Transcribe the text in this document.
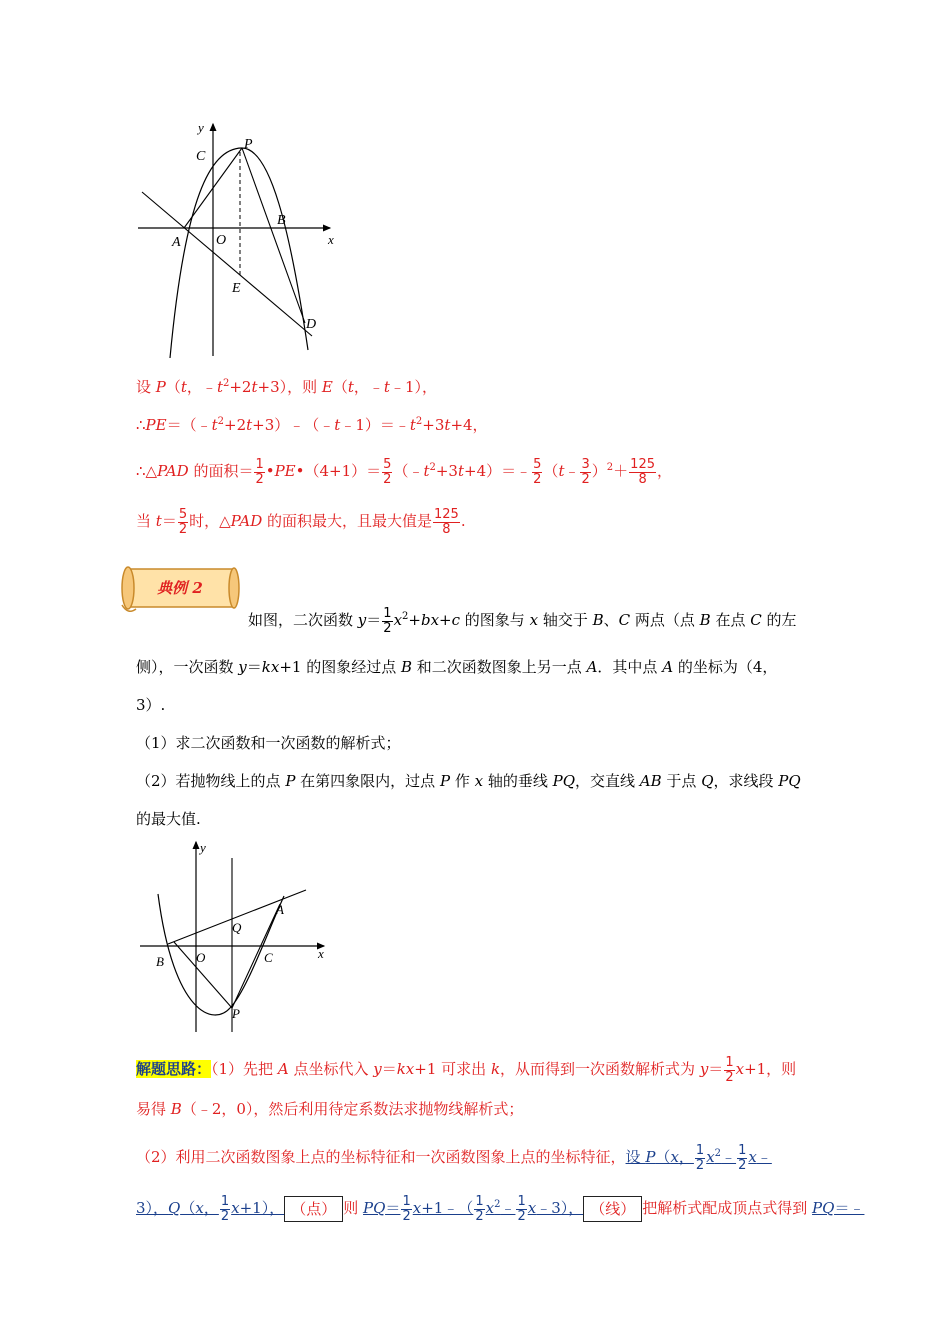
y
x
C
P
B
A	O
E
D
设 P（t，$﹣t^2+2t+3$），则 E（t，﹣t﹣1），
$\therefore PE=(﹣t^2+2t+3)﹣(﹣t﹣1)=﹣t^2+3t+4$，
∴△PAD 的面积＝ $\frac{1}{2}$ •PE•（4+1）＝ $\frac{5}{2}$ $(﹣t^2+3t+4)=﹣ \frac{5}{2}$ （t﹣ $\frac{3}{2} )^2+ \frac{125}{8}$ ，
当 $t= \frac{5}{2}$ 时，△PAD 的面积最大，且最大值是 $\frac{125}{8}$ .
典例 2
如图，二次函数 $y= \frac{1}{2} x^2+bx+c$ 的图象与 x 轴交于 B、C 两点（点 B 在点 C 的左
侧），一次函数 y＝kx+1 的图象经过点 B 和二次函数图象上另一点 A．其中点 A 的坐标为（4，
3）.
（1）求二次函数和一次函数的解析式；
（2）若抛物线上的点 P 在第四象限内，过点 P 作 x 轴的垂线 PQ，交直线 AB 于点 Q，求线段 PQ
的最大值.
y
x
A
Q
B O	C
P
解题思路：（1）先把 A 点坐标代入 y＝kx+1 可求出 k，从而得到一次函数解析式为 $y= \frac{1}{2} x+1$，则
易得 B（﹣2，0），然后利用待定系数法求抛物线解析式；
（2）利用二次函数图象上点的坐标特征和一次函数图象上点的坐标特征，设 P（x， $\frac{1}{2}$ $x^2﹣ \frac{1}{2}$ x﹣
3），Q（x， $\frac{1}{2} x+1$）， （点） 则 $PQ= \frac{1}{2}$ x+1﹣（ $\frac{1}{2}$ $x^2﹣ \frac{1}{2}$ x﹣3）， （线） 把解析式配成顶点式得到 PQ＝﹣
